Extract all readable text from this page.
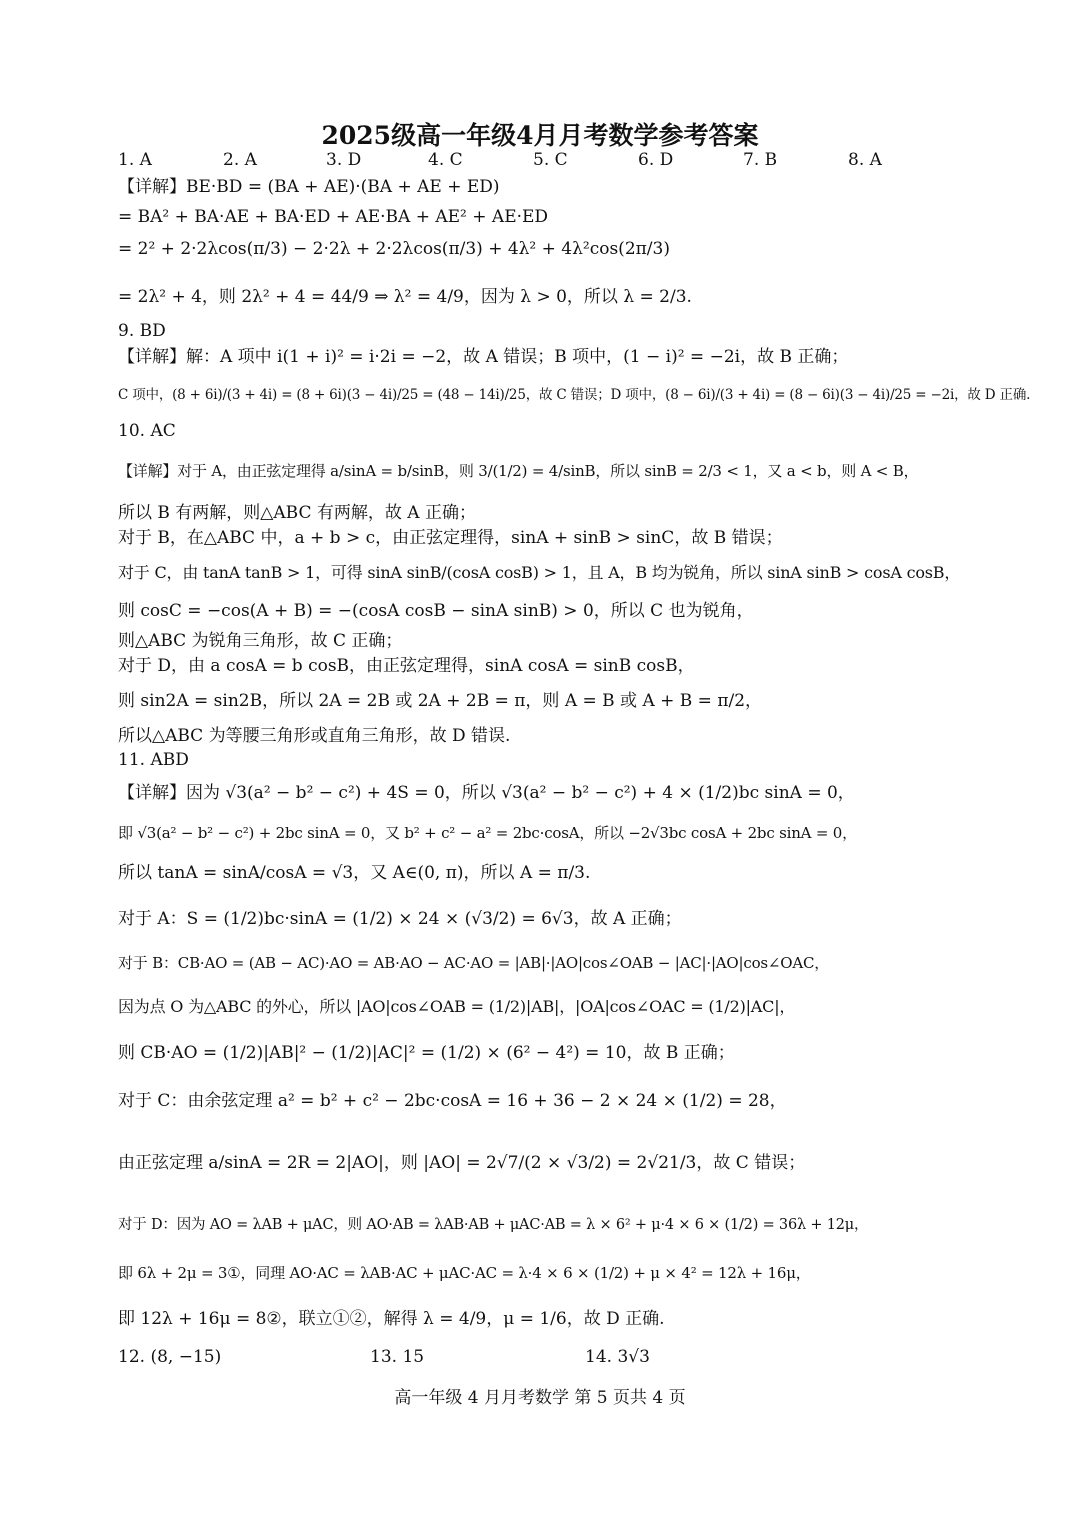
2025级高一年级4月月考数学参考答案
1. A	2. A	3. D	4. C	5. C	6. D	7. B	8. A
【详解】BE·BD = (BA + AE)·(BA + AE + ED)
= BA² + BA·AE + BA·ED + AE·BA + AE² + AE·ED
= 2² + 2·2λcos(π/3) − 2·2λ + 2·2λcos(π/3) + 4λ² + 4λ²cos(2π/3)
= 2λ² + 4，则 2λ² + 4 = 44/9 ⇒ λ² = 4/9，因为 λ > 0，所以 λ = 2/3.
9. BD
【详解】解：A 项中 i(1 + i)² = i·2i = −2，故 A 错误；B 项中，(1 − i)² = −2i，故 B 正确；
C 项中，(8 + 6i)/(3 + 4i) = (8 + 6i)(3 − 4i)/25 = (48 − 14i)/25，故 C 错误；D 项中，(8 − 6i)/(3 + 4i) = (8 − 6i)(3 − 4i)/25 = −2i，故 D 正确.
10. AC
【详解】对于 A，由正弦定理得 a/sinA = b/sinB，则 3/(1/2) = 4/sinB，所以 sinB = 2/3 < 1，又 a < b，则 A < B，
所以 B 有两解，则△ABC 有两解，故 A 正确；
对于 B，在△ABC 中，a + b > c，由正弦定理得，sinA + sinB > sinC，故 B 错误；
对于 C，由 tanA tanB > 1，可得 sinA sinB/(cosA cosB) > 1，且 A，B 均为锐角，所以 sinA sinB > cosA cosB，
则 cosC = −cos(A + B) = −(cosA cosB − sinA sinB) > 0，所以 C 也为锐角，
则△ABC 为锐角三角形，故 C 正确；
对于 D，由 a cosA = b cosB，由正弦定理得，sinA cosA = sinB cosB，
则 sin2A = sin2B，所以 2A = 2B 或 2A + 2B = π，则 A = B 或 A + B = π/2，
所以△ABC 为等腰三角形或直角三角形，故 D 错误.
11. ABD
【详解】因为 √3(a² − b² − c²) + 4S = 0，所以 √3(a² − b² − c²) + 4 × (1/2)bc sinA = 0，
即 √3(a² − b² − c²) + 2bc sinA = 0，又 b² + c² − a² = 2bc·cosA，所以 −2√3bc cosA + 2bc sinA = 0，
所以 tanA = sinA/cosA = √3，又 A∈(0, π)，所以 A = π/3.
对于 A：S = (1/2)bc·sinA = (1/2) × 24 × (√3/2) = 6√3，故 A 正确；
对于 B：CB·AO = (AB − AC)·AO = AB·AO − AC·AO = |AB|·|AO|cos∠OAB − |AC|·|AO|cos∠OAC，
因为点 O 为△ABC 的外心，所以 |AO|cos∠OAB = (1/2)|AB|，|OA|cos∠OAC = (1/2)|AC|，
则 CB·AO = (1/2)|AB|² − (1/2)|AC|² = (1/2) × (6² − 4²) = 10，故 B 正确；
对于 C：由余弦定理 a² = b² + c² − 2bc·cosA = 16 + 36 − 2 × 24 × (1/2) = 28，
由正弦定理 a/sinA = 2R = 2|AO|，则 |AO| = 2√7/(2 × √3/2) = 2√21/3，故 C 错误；
对于 D：因为 AO = λAB + μAC，则 AO·AB = λAB·AB + μAC·AB = λ × 6² + μ·4 × 6 × (1/2) = 36λ + 12μ，
即 6λ + 2μ = 3①，同理 AO·AC = λAB·AC + μAC·AC = λ·4 × 6 × (1/2) + μ × 4² = 12λ + 16μ，
即 12λ + 16μ = 8②，联立①②，解得 λ = 4/9，μ = 1/6，故 D 正确.
12. (8, −15)	13. 15	14. 3√3
高一年级 4 月月考数学 第 5 页共 4 页
